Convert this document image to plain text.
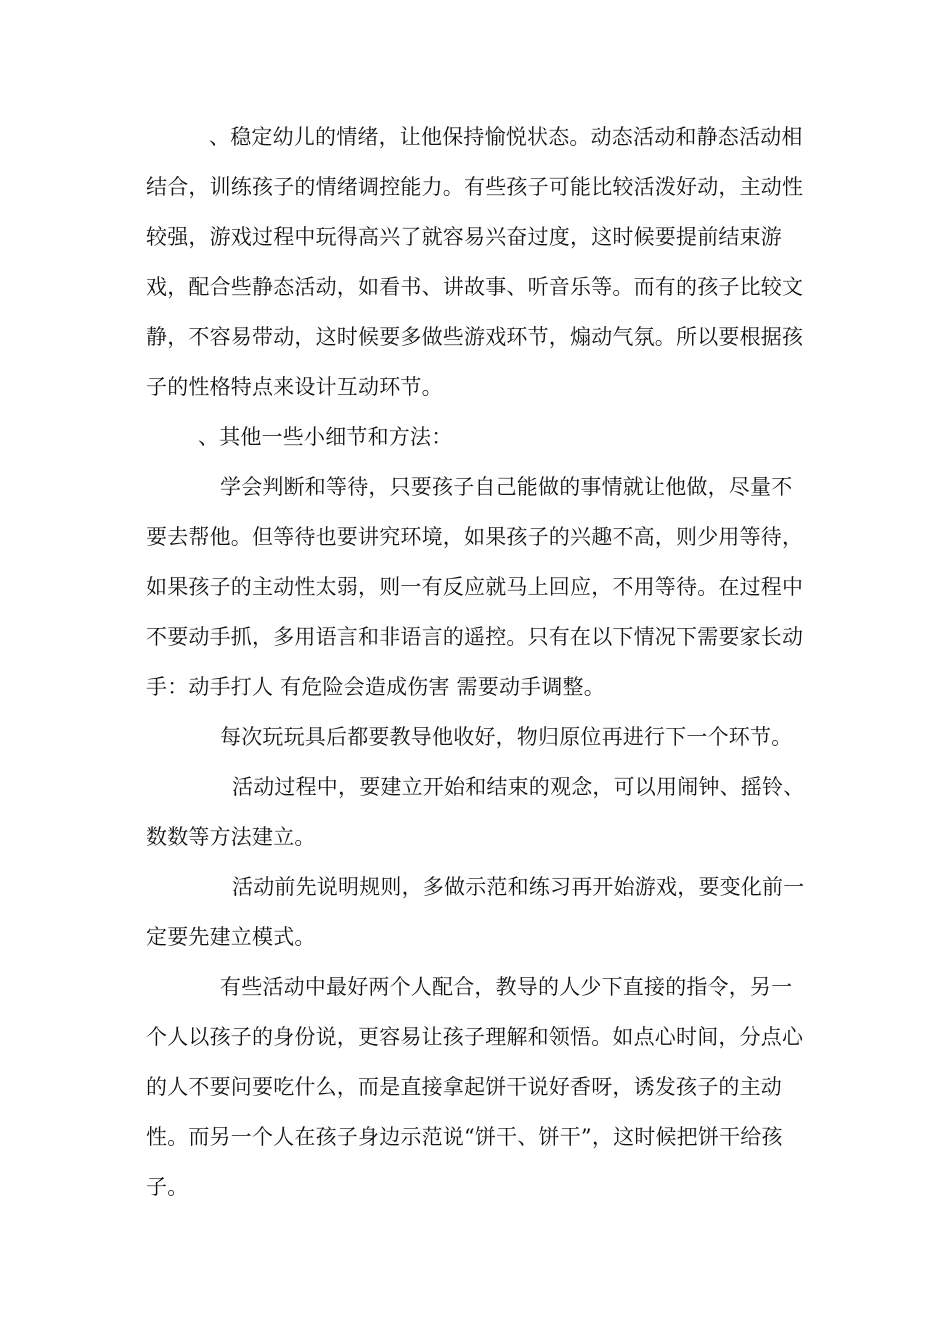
、稳定幼儿的情绪，让他保持愉悦状态。动态活动和静态活动相结合，训练孩子的情绪调控能力。有些孩子可能比较活泼好动，主动性较强，游戏过程中玩得高兴了就容易兴奋过度，这时候要提前结束游戏，配合些静态活动，如看书、讲故事、听音乐等。而有的孩子比较文静，不容易带动，这时候要多做些游戏环节，煽动气氛。所以要根据孩子的性格特点来设计互动环节。

、其他一些小细节和方法：

学会判断和等待，只要孩子自己能做的事情就让他做，尽量不要去帮他。但等待也要讲究环境，如果孩子的兴趣不高，则少用等待，如果孩子的主动性太弱，则一有反应就马上回应，不用等待。在过程中不要动手抓，多用语言和非语言的遥控。只有在以下情况下需要家长动手：动手打人 有危险会造成伤害 需要动手调整。

每次玩玩具后都要教导他收好，物归原位再进行下一个环节。

活动过程中，要建立开始和结束的观念，可以用闹钟、摇铃、数数等方法建立。

活动前先说明规则，多做示范和练习再开始游戏，要变化前一定要先建立模式。

有些活动中最好两个人配合，教导的人少下直接的指令，另一个人以孩子的身份说，更容易让孩子理解和领悟。如点心时间，分点心的人不要问要吃什么，而是直接拿起饼干说好香呀，诱发孩子的主动性。而另一个人在孩子身边示范说“饼干、饼干”，这时候把饼干给孩子。
